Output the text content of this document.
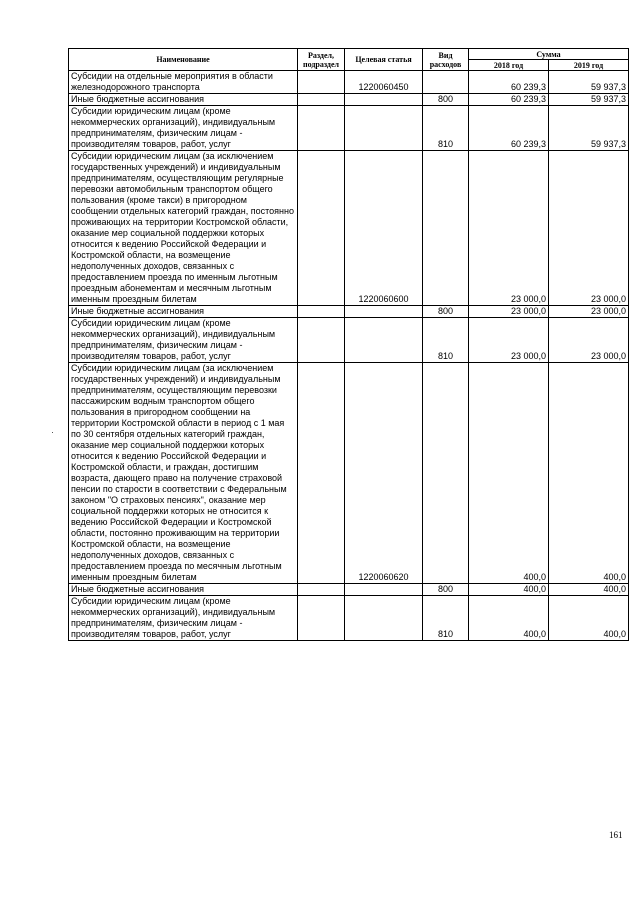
Наименование	Раздел, подраздел	Целевая статья	Вид расходов	Сумма	
				2018 год	2019 год
Субсидии на отдельные мероприятия в области железнодорожного транспорта		1220060450		60 239,3	59 937,3
Иные бюджетные ассигнования			800	60 239,3	59 937,3
Субсидии юридическим лицам (кроме некоммерческих организаций), индивидуальным предпринимателям, физическим лицам - производителям товаров, работ, услуг			810	60 239,3	59 937,3
Субсидии юридическим лицам (за исключением государственных учреждений) и индивидуальным предпринимателям, осуществляющим регулярные перевозки автомобильным транспортом общего пользования (кроме такси) в пригородном сообщении отдельных категорий граждан, постоянно проживающих на территории Костромской области, оказание мер социальной поддержки которых относится к ведению Российской Федерации и Костромской области, на возмещение недополученных доходов, связанных с предоставлением проезда по именным льготным проездным абонементам и месячным льготным именным проездным билетам		1220060600		23 000,0	23 000,0
Иные бюджетные ассигнования			800	23 000,0	23 000,0
Субсидии юридическим лицам (кроме некоммерческих организаций), индивидуальным предпринимателям, физическим лицам - производителям товаров, работ, услуг			810	23 000,0	23 000,0
Субсидии юридическим лицам (за исключением государственных учреждений) и индивидуальным предпринимателям, осуществляющим перевозки пассажирским водным транспортом общего пользования в пригородном сообщении на территории Костромской области в период с 1 мая по 30 сентября отдельных категорий граждан, оказание мер социальной поддержки которых относится к ведению Российской Федерации и Костромской области, и граждан, достигшим возраста, дающего право на получение страховой пенсии по старости в соответствии с Федеральным законом "О страховых пенсиях", оказание мер социальной поддержки которых не относится к ведению Российской Федерации и Костромской области, постоянно проживающим на территории Костромской области, на возмещение недополученных доходов, связанных с предоставлением проезда по месячным льготным именным проездным билетам		1220060620		400,0	400,0
Иные бюджетные ассигнования			800	400,0	400,0
Субсидии юридическим лицам (кроме некоммерческих организаций), индивидуальным предпринимателям, физическим лицам - производителям товаров, работ, услуг			810	400,0	400,0
161
